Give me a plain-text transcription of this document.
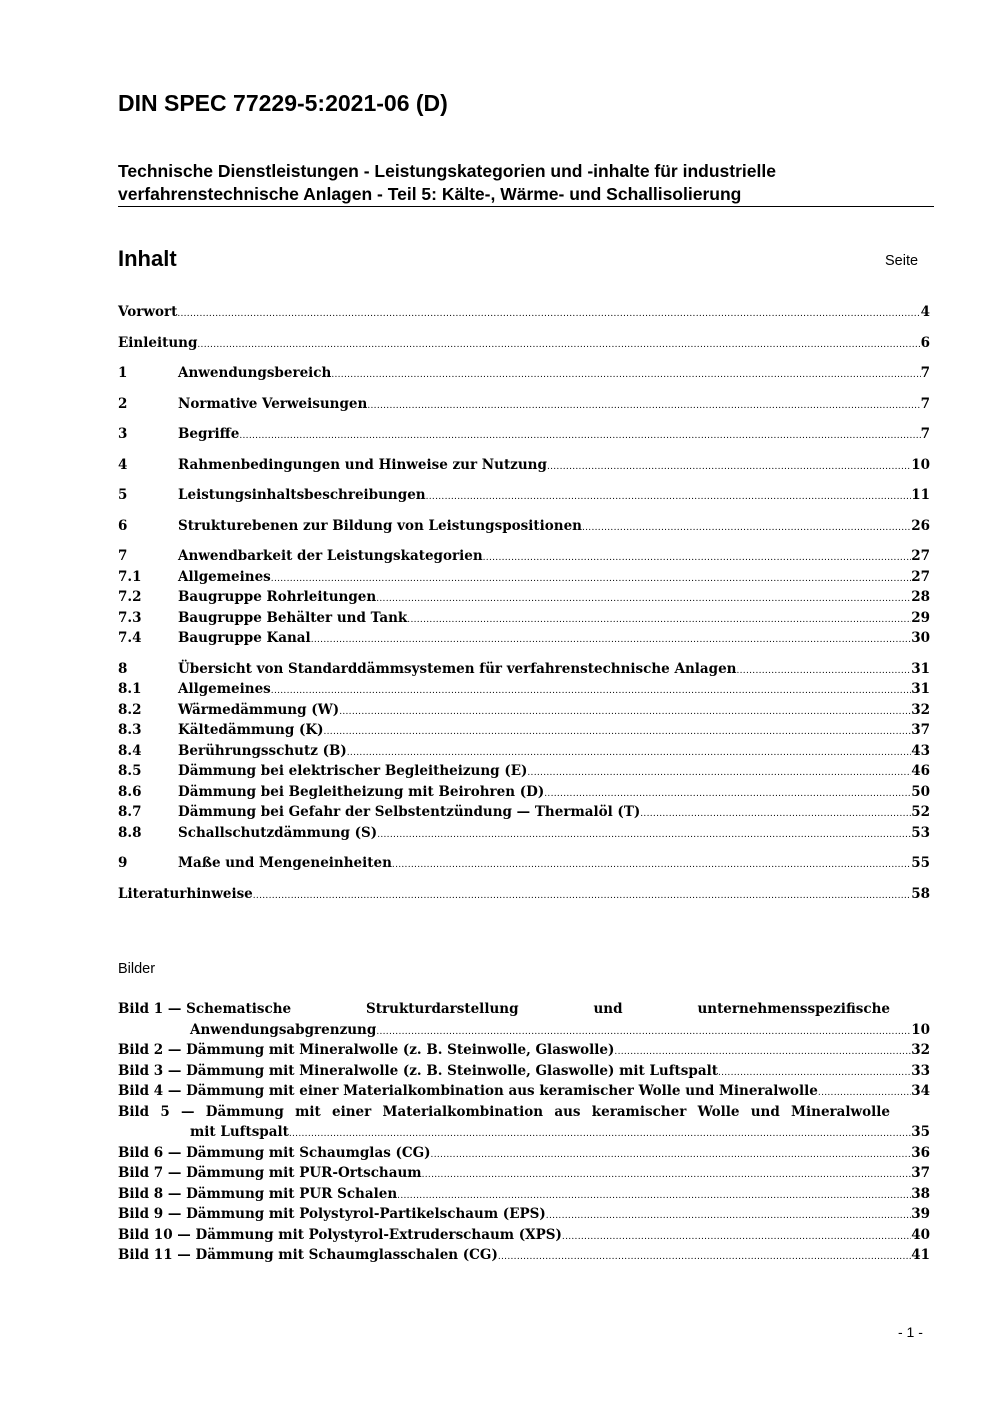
DIN SPEC 77229-5:2021-06 (D)
Technische Dienstleistungen - Leistungskategorien und -inhalte für industrielle
verfahrenstechnische Anlagen - Teil 5: Kälte-, Wärme- und Schallisolierung
Inhalt	Seite
Vorwort .....	4
Einleitung .....	6
1	Anwendungsbereich .....	7
2	Normative Verweisungen .....	7
3	Begriffe .....	7
4	Rahmenbedingungen und Hinweise zur Nutzung .....	10
5	Leistungsinhaltsbeschreibungen .....	11
6	Strukturebenen zur Bildung von Leistungspositionen .....	26
7	Anwendbarkeit der Leistungskategorien .....	27
7.1	Allgemeines .....	27
7.2	Baugruppe Rohrleitungen .....	28
7.3	Baugruppe Behälter und Tank .....	29
7.4	Baugruppe Kanal .....	30
8	Übersicht von Standarddämmsystemen für verfahrenstechnische Anlagen .....	31
8.1	Allgemeines .....	31
8.2	Wärmedämmung (W) .....	32
8.3	Kältedämmung (K) .....	37
8.4	Berührungsschutz (B) .....	43
8.5	Dämmung bei elektrischer Begleitheizung (E) .....	46
8.6	Dämmung bei Begleitheizung mit Beirohren (D) .....	50
8.7	Dämmung bei Gefahr der Selbstentzündung — Thermalöl (T) .....	52
8.8	Schallschutzdämmung (S) .....	53
9	Maße und Mengeneinheiten .....	55
Literaturhinweise .....	58
Bilder
Bild 1 — Schematische	Strukturdarstellung	und	unternehmensspezifische
Anwendungsabgrenzung .....	10
Bild 2 — Dämmung mit Mineralwolle (z. B. Steinwolle, Glaswolle) .....	32
Bild 3 — Dämmung mit Mineralwolle (z. B. Steinwolle, Glaswolle) mit Luftspalt .....	33
Bild 4 — Dämmung mit einer Materialkombination aus keramischer Wolle und Mineralwolle .....	34
Bild 5 — Dämmung mit einer Materialkombination aus keramischer Wolle und Mineralwolle
mit Luftspalt .....	35
Bild 6 — Dämmung mit Schaumglas (CG) .....	36
Bild 7 — Dämmung mit PUR-Ortschaum .....	37
Bild 8 — Dämmung mit PUR Schalen .....	38
Bild 9 — Dämmung mit Polystyrol-Partikelschaum (EPS) .....	39
Bild 10 — Dämmung mit Polystyrol-Extruderschaum (XPS) .....	40
Bild 11 — Dämmung mit Schaumglasschalen (CG) .....	41
- 1 -
